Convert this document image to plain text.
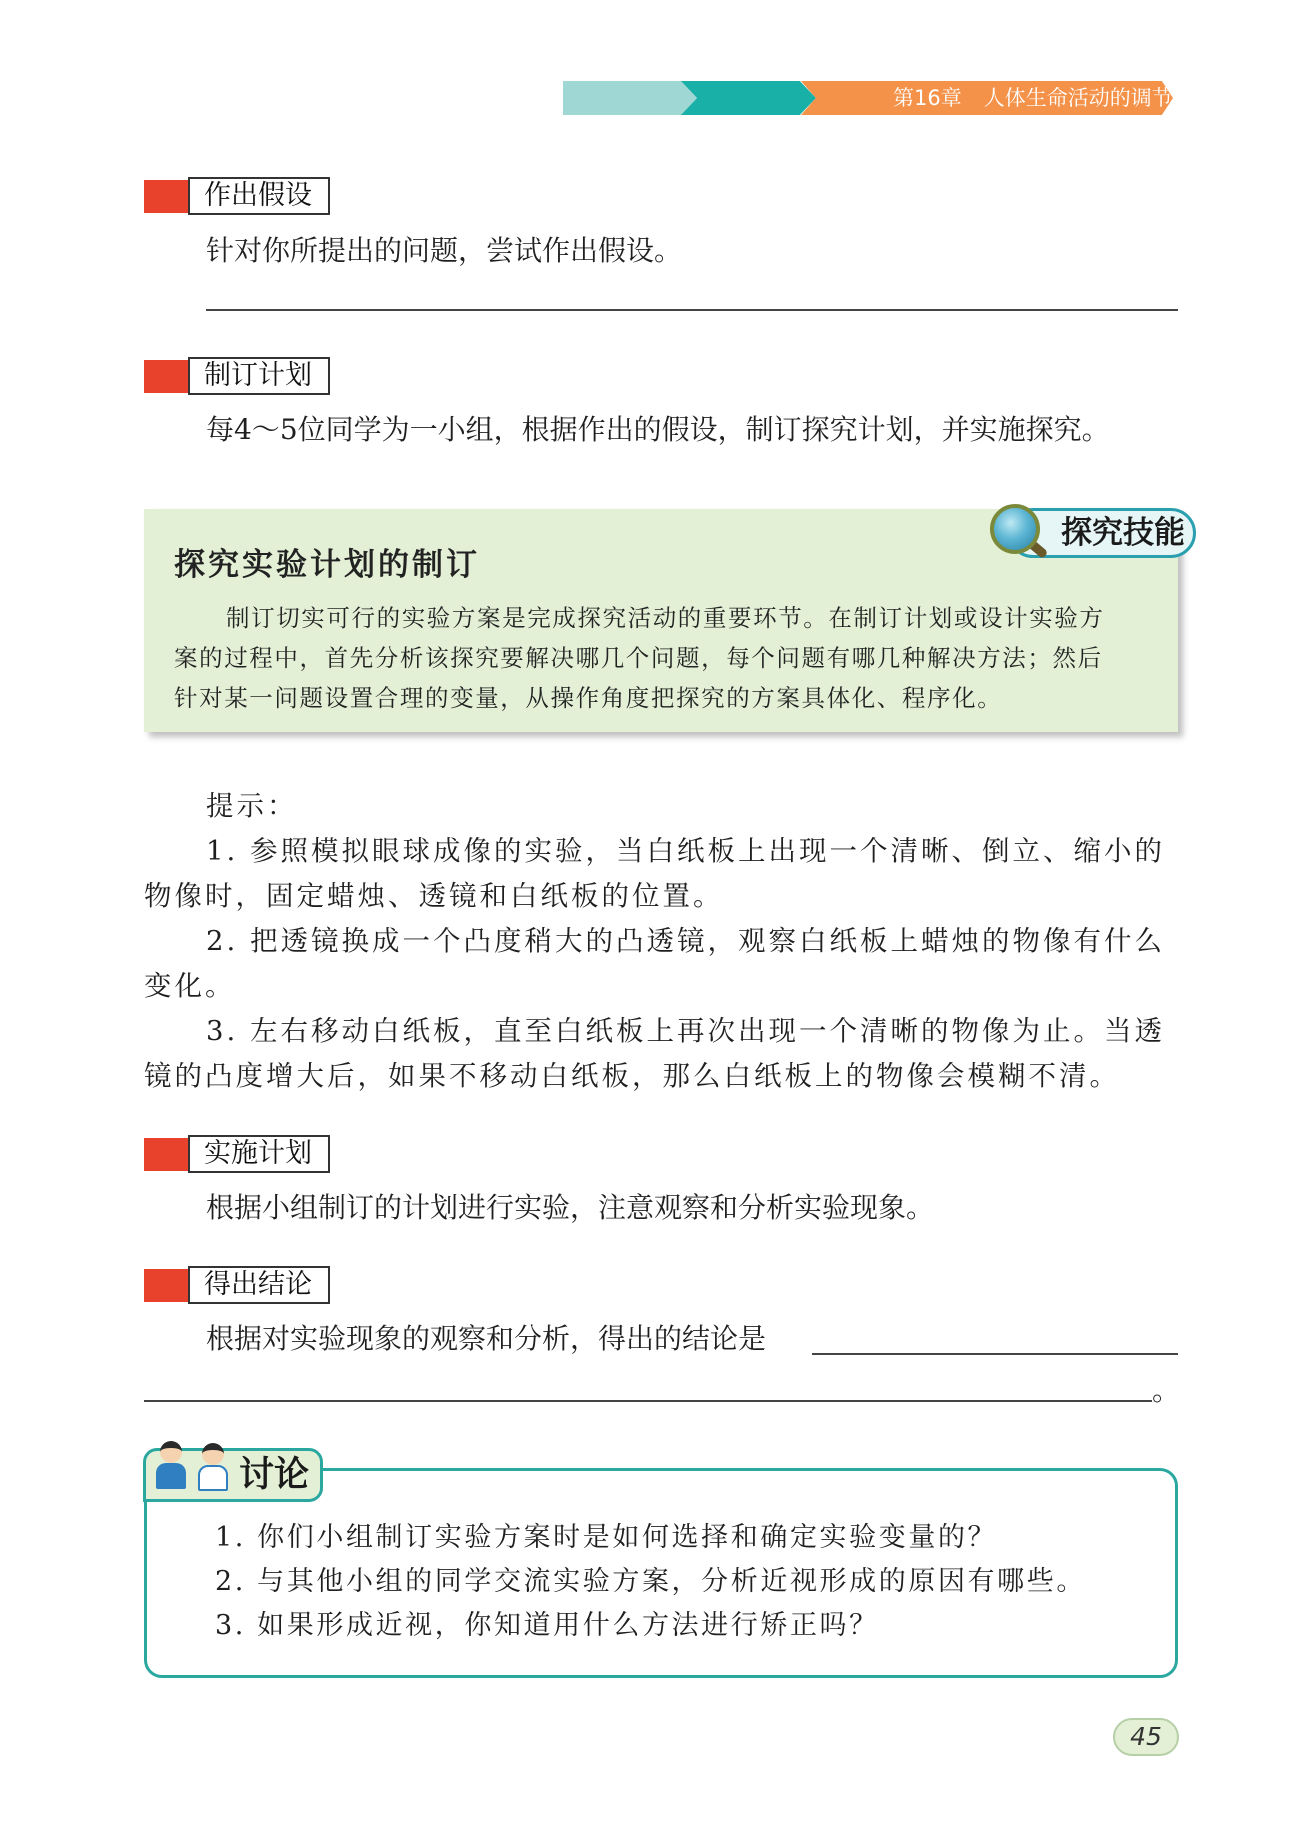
第16章 人体生命活动的调节
作出假设
针对你所提出的问题，尝试作出假设。
制订计划
每4～5位同学为一小组，根据作出的假设，制订探究计划，并实施探究。
探究实验计划的制订
制订切实可行的实验方案是完成探究活动的重要环节。在制订计划或设计实验方
案的过程中，首先分析该探究要解决哪几个问题，每个问题有哪几种解决方法；然后
针对某一问题设置合理的变量，从操作角度把探究的方案具体化、程序化。
探究技能
提示：
1. 参照模拟眼球成像的实验，当白纸板上出现一个清晰、倒立、缩小的
物像时，固定蜡烛、透镜和白纸板的位置。
2. 把透镜换成一个凸度稍大的凸透镜，观察白纸板上蜡烛的物像有什么
变化。
3. 左右移动白纸板，直至白纸板上再次出现一个清晰的物像为止。当透
镜的凸度增大后，如果不移动白纸板，那么白纸板上的物像会模糊不清。
实施计划
根据小组制订的计划进行实验，注意观察和分析实验现象。
得出结论
根据对实验现象的观察和分析，得出的结论是
。
1. 你们小组制订实验方案时是如何选择和确定实验变量的？
2. 与其他小组的同学交流实验方案，分析近视形成的原因有哪些。
3. 如果形成近视，你知道用什么方法进行矫正吗？
讨论
45
